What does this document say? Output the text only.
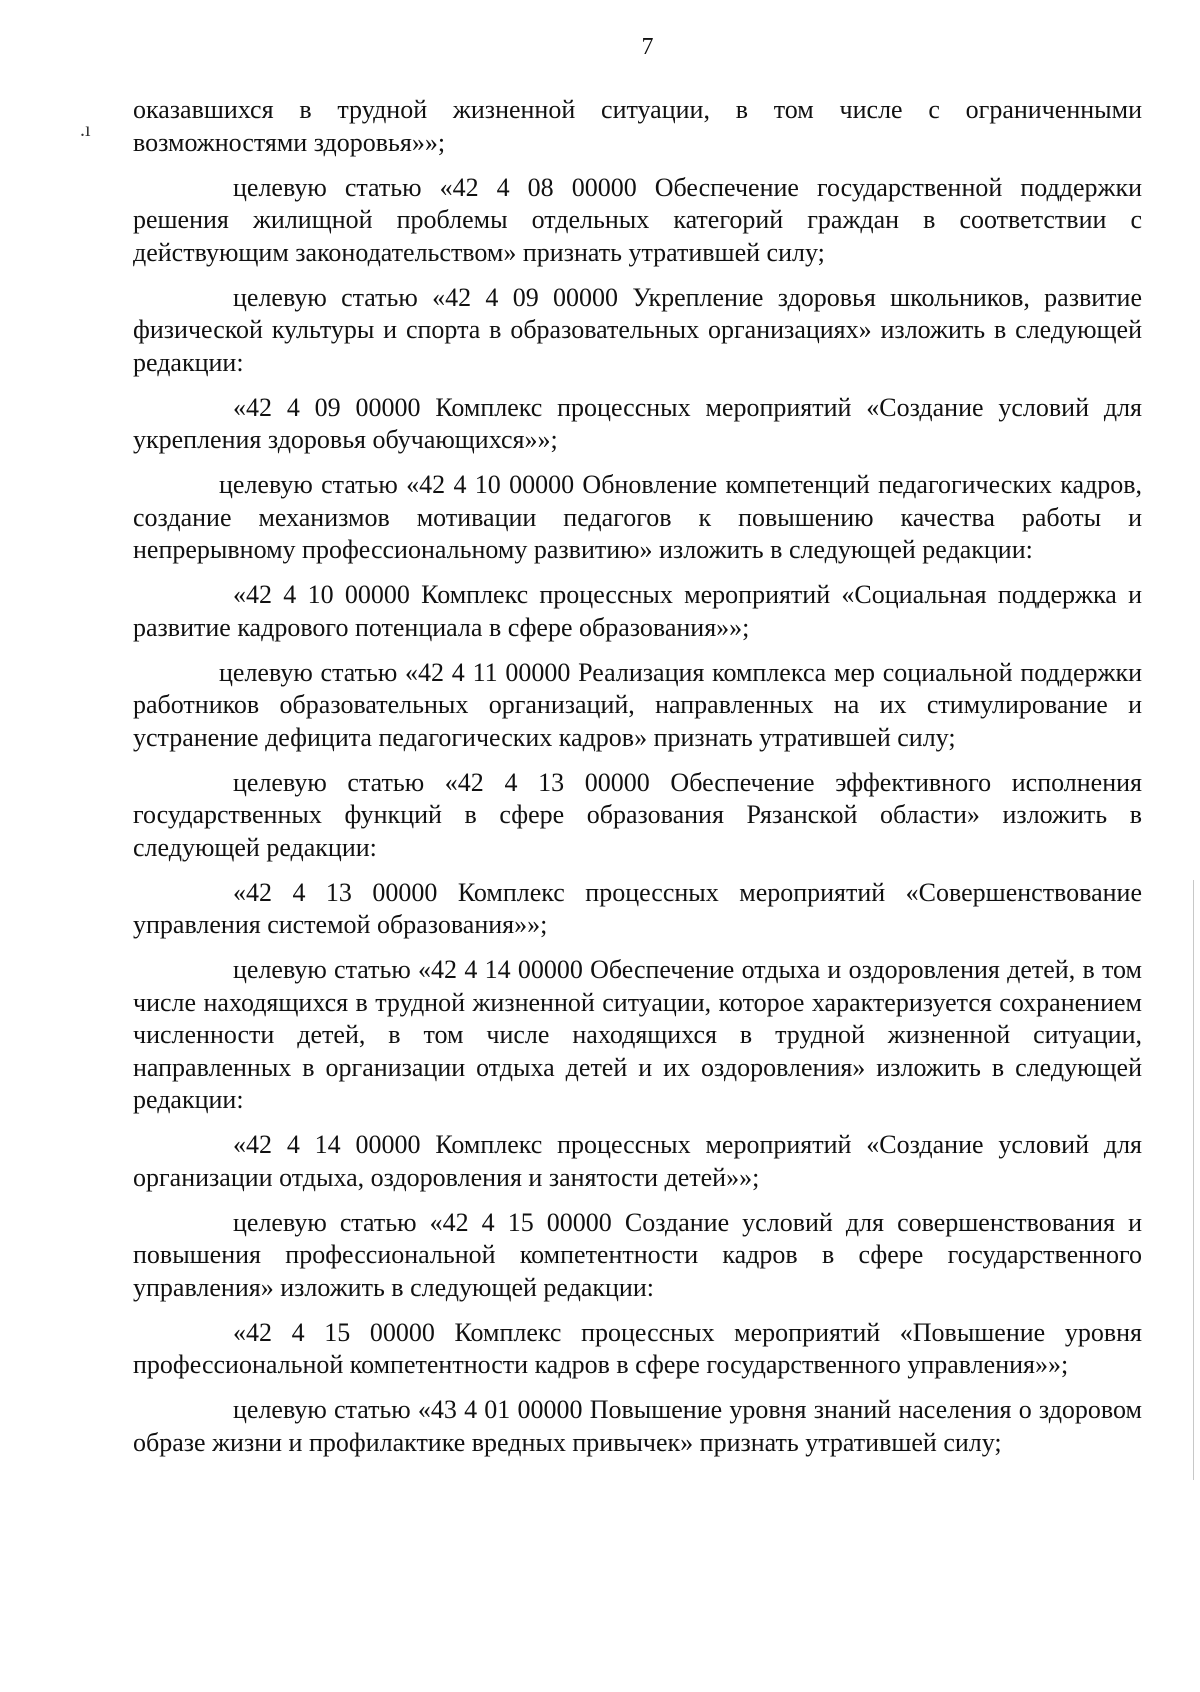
.ı
7

оказавшихся в трудной жизненной ситуации, в том числе с ограниченными возможностями здоровья»»;

целевую статью «42 4 08 00000 Обеспечение государственной поддержки решения жилищной проблемы отдельных категорий граждан в соответствии с действующим законодательством» признать утратившей силу;

целевую статью «42 4 09 00000 Укрепление здоровья школьников, развитие физической культуры и спорта в образовательных организациях» изложить в следующей редакции:

«42 4 09 00000 Комплекс процессных мероприятий «Создание условий для укрепления здоровья обучающихся»»;

целевую статью «42 4 10 00000 Обновление компетенций педагогических кадров, создание механизмов мотивации педагогов к повышению качества работы и непрерывному профессиональному развитию» изложить в следующей редакции:

«42 4 10 00000 Комплекс процессных мероприятий «Социальная поддержка и развитие кадрового потенциала в сфере образования»»;

целевую статью «42 4 11 00000 Реализация комплекса мер социальной поддержки работников образовательных организаций, направленных на их стимулирование и устранение дефицита педагогических кадров» признать утратившей силу;

целевую статью «42 4 13 00000 Обеспечение эффективного исполнения государственных функций в сфере образования Рязанской области» изложить в следующей редакции:

«42 4 13 00000 Комплекс процессных мероприятий «Совершенствование управления системой образования»»;

целевую статью «42 4 14 00000 Обеспечение отдыха и оздоровления детей, в том числе находящихся в трудной жизненной ситуации, которое характеризуется сохранением численности детей, в том числе находящихся в трудной жизненной ситуации, направленных в организации отдыха детей и их оздоровления» изложить в следующей редакции:

«42 4 14 00000 Комплекс процессных мероприятий «Создание условий для организации отдыха, оздоровления и занятости детей»»;

целевую статью «42 4 15 00000 Создание условий для совершенствования и повышения профессиональной компетентности кадров в сфере государственного управления» изложить в следующей редакции:

«42 4 15 00000 Комплекс процессных мероприятий «Повышение уровня профессиональной компетентности кадров в сфере государственного управления»»;

целевую статью «43 4 01 00000 Повышение уровня знаний населения о здоровом образе жизни и профилактике вредных привычек» признать утратившей силу;
